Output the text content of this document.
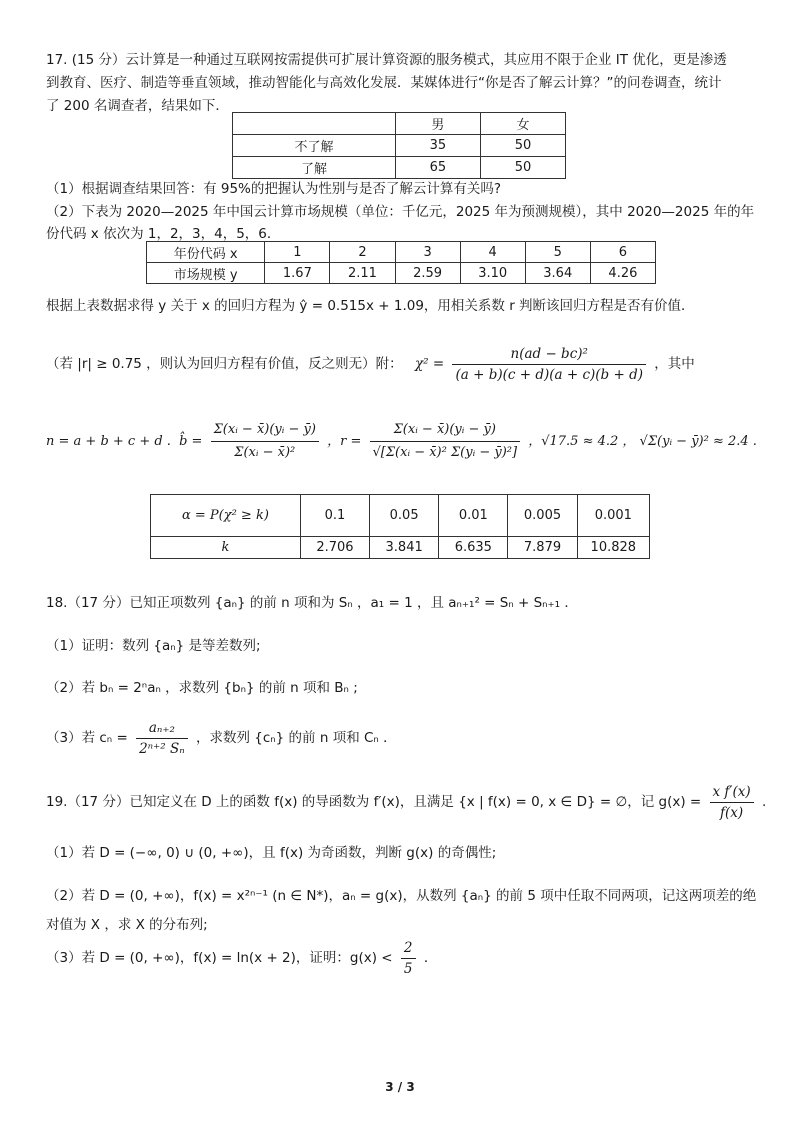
17. (15 分）云计算是一种通过互联网按需提供可扩展计算资源的服务模式，其应用不限于企业 IT 优化，更是渗透
到教育、医疗、制造等垂直领域，推动智能化与高效化发展．某媒体进行“你是否了解云计算？”的问卷调查，统计
了 200 名调查者，结果如下．
	男	女
不了解	35	50
了解	65	50
（1）根据调查结果回答：有 95%的把握认为性别与是否了解云计算有关吗?
（2）下表为 2020—2025 年中国云计算市场规模（单位：千亿元，2025 年为预测规模），其中 2020—2025 年的年
份代码 x 依次为 1，2，3，4，5，6．
年份代码 x	1	2	3	4	5	6
市场规模 y	1.67	2.11	2.59	3.10	3.64	4.26
根据上表数据求得 y 关于 x 的回归方程为 ŷ = 0.515x + 1.09，用相关系数 r 判断该回归方程是否有价值．
（若 |r| ≥ 0.75 ，则认为回归方程有价值，反之则无）附： $\chi^2 = \frac{\text{n(ad − bc)²}}{(a + b)(c + d)(a + c)(b + d)}$ ，其中
n = a + b + c + d . b̂ = $\frac{\text{Σ(xᵢ − x̄)(yᵢ − ȳ)}}{\text{Σ(xᵢ − x̄)²}}$ ，$r = \frac{\text{Σ(xᵢ − x̄)(yᵢ − ȳ)}}{\text{√[Σ(xᵢ − x̄)² Σ(yᵢ − ȳ)²]}}$ ，√17.5 ≈ 4.2 ， √Σ(yᵢ − ȳ)² ≈ 2.4 .
α = P(χ² ≥ k)	0.1	0.05	0.01	0.005	0.001
k	2.706	3.841	6.635	7.879	10.828
18.（17 分）已知正项数列 {aₙ} 的前 n 项和为 Sₙ ，a₁ = 1 ，且 aₙ₊₁² = Sₙ + Sₙ₊₁ ．
（1）证明：数列 {aₙ} 是等差数列;
（2）若 bₙ = 2ⁿaₙ ，求数列 {bₙ} 的前 n 项和 Bₙ ;
（3）若 $c_n = \frac{\text{aₙ₊₂}}{\text{2ⁿ⁺² Sₙ}}$ ，求数列 {cₙ} 的前 n 项和 Cₙ ．
19.（17 分）已知定义在 D 上的函数 f(x) 的导函数为 f′(x)，且满足 {x | f(x) = 0, x ∈ D} = ∅，记 $g(x) = \frac{\text{x f′(x)}}{f(x)}$ .
（1）若 D = (−∞, 0) ∪ (0, +∞)，且 f(x) 为奇函数，判断 g(x) 的奇偶性;
（2）若 D = (0, +∞)，f(x) = x²ⁿ⁻¹ (n ∈ N*)，aₙ = g(x)，从数列 {aₙ} 的前 5 项中任取不同两项，记这两项差的绝
对值为 X ，求 X 的分布列;
（3）若 D = (0, +∞)，f(x) = ln(x + 2)，证明：$g(x) < \frac{2}{5}$ ．
3 / 3
